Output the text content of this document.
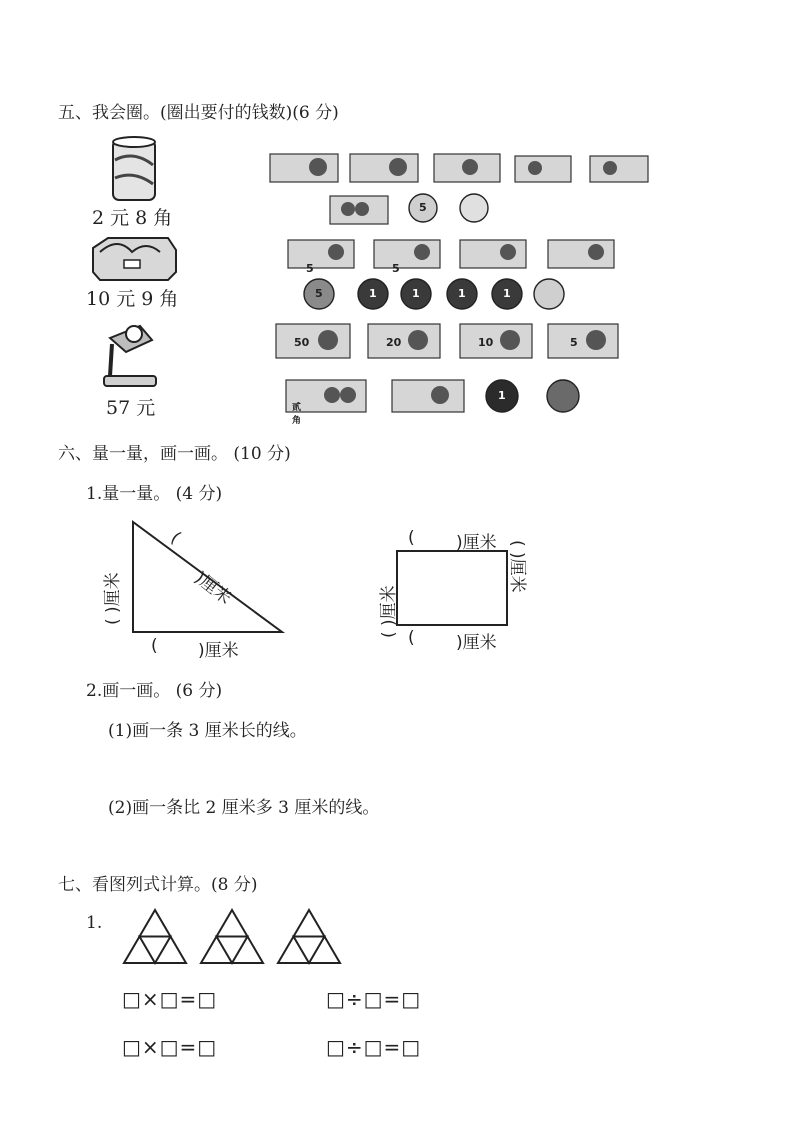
五、我会圈。(圈出要付的钱数)(6 分)
50	20	10	5
5	5
5
5	1	1	1	1
1
贰角
2 元 8 角
10 元 9 角
57 元
六、量一量，画一画。 (10 分)
1.量一量。 (4 分)
( )厘米
(
)厘米
( )厘米
( )厘米
( )厘米
( )厘米
( )厘米
2.画一画。 (6 分)
(1)画一条 3 厘米长的线。
(2)画一条比 2 厘米多 3 厘米的线。
七、看图列式计算。(8 分)
1.
□×□=□	□÷□=□
□×□=□	□÷□=□
